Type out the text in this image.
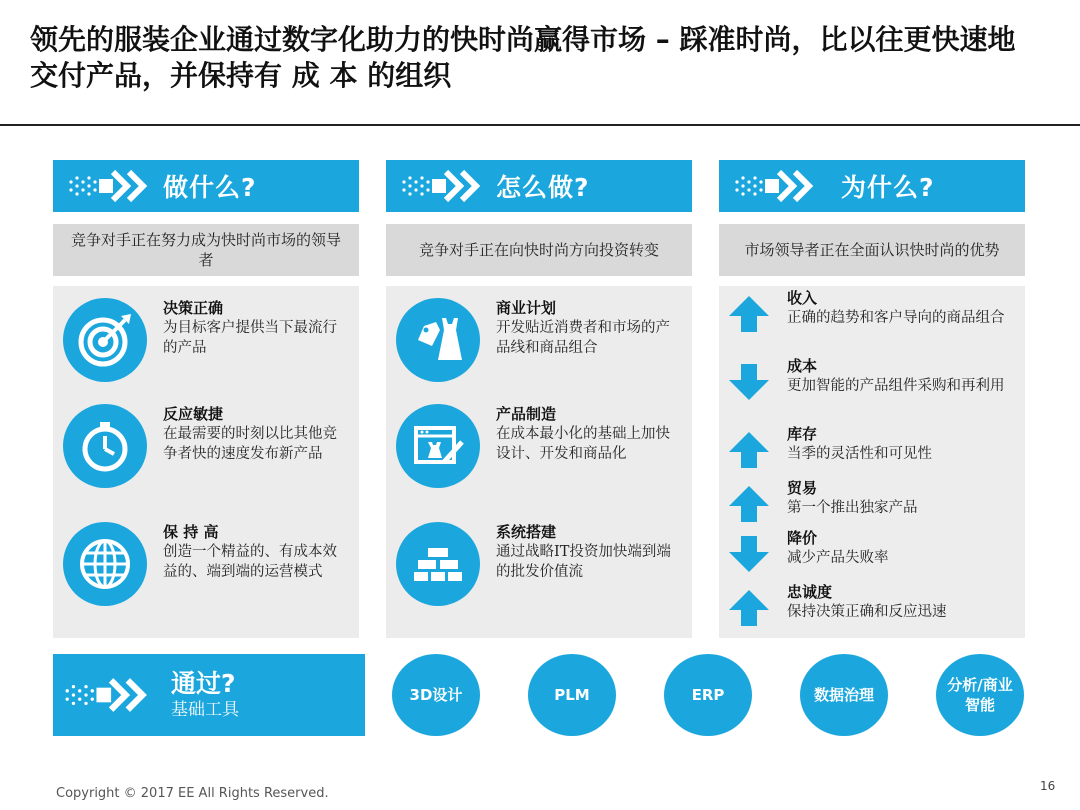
领先的服装企业通过数字化助力的快时尚赢得市场 – 踩准时尚，比以往更快速地交付产品，并保持有 成 本 的组织
做什么?
竞争对手正在努力成为快时尚市场的领导者
决策正确
为目标客户提供当下最流行的产品
反应敏捷
在最需要的时刻以比其他竞争者快的速度发布新产品
保 持 高
创造一个精益的、有成本效益的、端到端的运营模式
怎么做?
竞争对手正在向快时尚方向投资转变
商业计划
开发贴近消费者和市场的产品线和商品组合
产品制造
在成本最小化的基础上加快设计、开发和商品化
系统搭建
通过战略IT投资加快端到端的批发价值流
为什么?
市场领导者正在全面认识快时尚的优势
收入
正确的趋势和客户导向的商品组合
成本
更加智能的产品组件采购和再利用
库存
当季的灵活性和可见性
贸易
第一个推出独家产品
降价
减少产品失败率
忠诚度
保持决策正确和反应迅速
通过?
基础工具
3D设计	PLM	ERP	数据治理
分析/商业智能
Copyright © 2017 EE All Rights Reserved.	16
